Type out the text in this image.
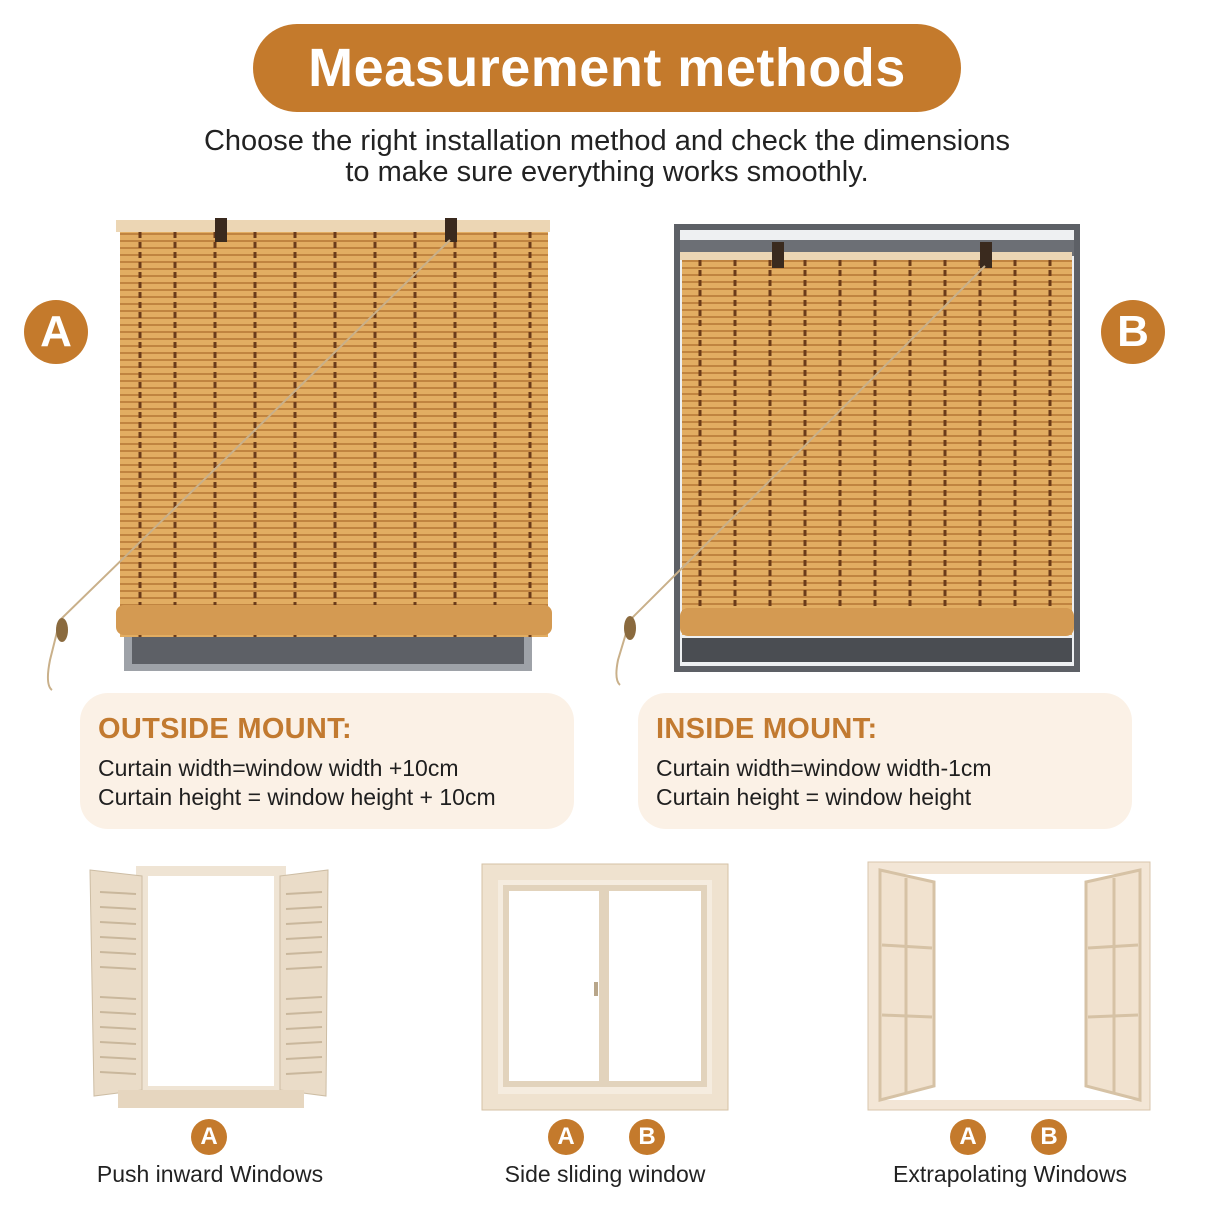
Measurement methods
Choose the right installation method and check the dimensions
to make sure everything works smoothly.
A	B
OUTSIDE MOUNT:
Curtain width=window width +10cm
Curtain height = window height + 10cm
INSIDE MOUNT:
Curtain width=window width-1cm
Curtain height = window height
A	A	B	A	B
Push inward Windows	Side sliding window	Extrapolating Windows
